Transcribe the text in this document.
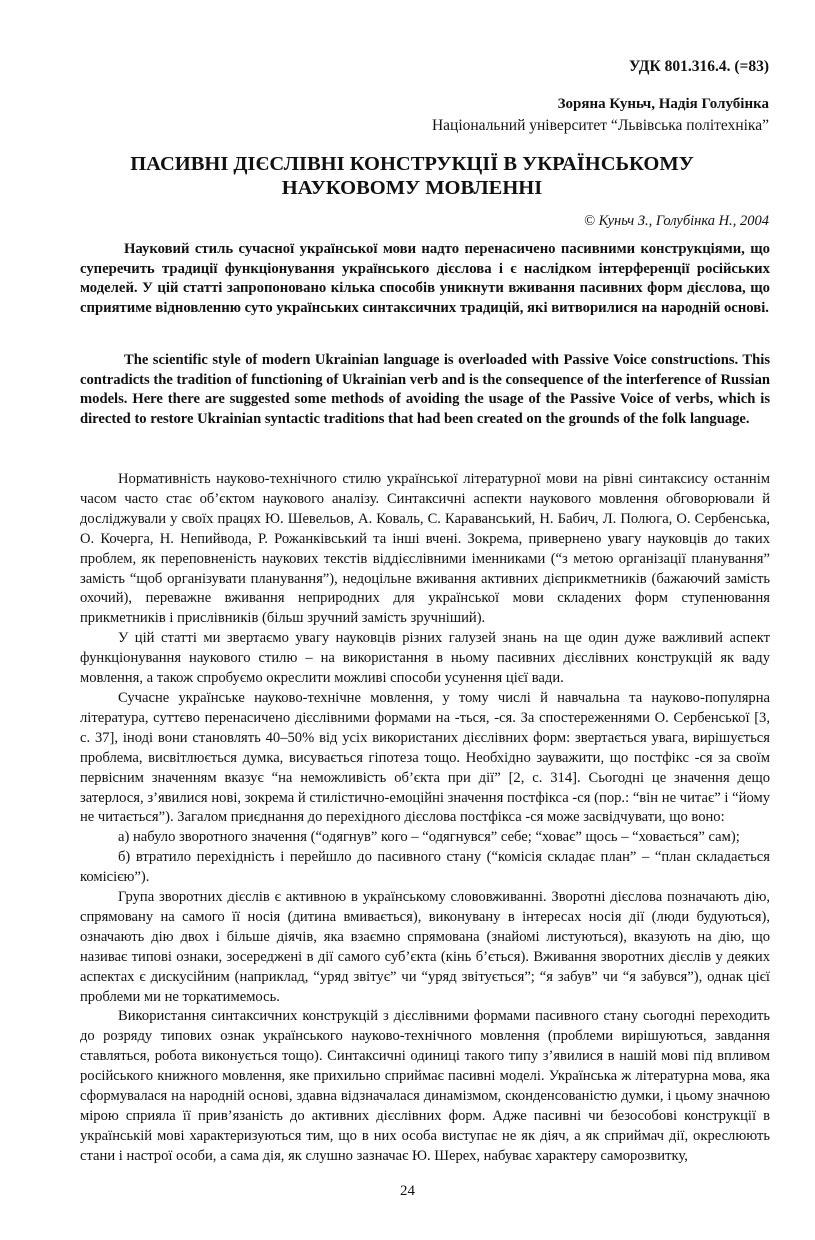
УДК 801.316.4. (=83)
Зоряна Куньч, Надія Голубінка
Національний університет “Львівська політехніка”
ПАСИВНІ ДІЄСЛІВНІ КОНСТРУКЦІЇ В УКРАЇНСЬКОМУ НАУКОВОМУ МОВЛЕННІ
© Куньч З., Голубінка Н., 2004

Науковий стиль сучасної української мови надто перенасичено пасивними конструкціями, що суперечить традиції функціонування українського дієслова і є наслідком інтерференції російських моделей. У цій статті запропоновано кілька способів уникнути вживання пасивних форм дієслова, що сприятиме відновленню суто українських синтаксичних традицій, які витворилися на народній основі.

The scientific style of modern Ukrainian language is overloaded with Passive Voice constructions. This contradicts the tradition of functioning of Ukrainian verb and is the consequence of the interference of Russian models. Here there are suggested some methods of avoiding the usage of the Passive Voice of verbs, which is directed to restore Ukrainian syntactic traditions that had been created on the grounds of the folk language.

Нормативність науково-технічного стилю української літературної мови на рівні синтаксису останнім часом часто стає об’єктом наукового аналізу. Синтаксичні аспекти наукового мовлення обговорювали й досліджували у своїх працях Ю. Шевельов, А. Коваль, С. Караванський, Н. Бабич, Л. Полюга, О. Сербенська, О. Кочерга, Н. Непийвода, Р. Рожанківський та інші вчені. Зокрема, привернено увагу науковців до таких проблем, як переповненість наукових текстів віддієслівними іменниками (“з метою організації планування” замість “щоб організувати планування”), недоцільне вживання активних дієприкметників (бажаючий замість охочий), переважне вживання неприродних для української мови складених форм ступенювання прикметників і прислівників (більш зручний замість зручніший).

У цій статті ми звертаємо увагу науковців різних галузей знань на ще один дуже важливий аспект функціонування наукового стилю – на використання в ньому пасивних дієслівних конструкцій як ваду мовлення, а також спробуємо окреслити можливі способи усунення цієї вади.

Сучасне українське науково-технічне мовлення, у тому числі й навчальна та науково-популярна література, суттєво перенасичено дієслівними формами на -ться, -ся. За спостереженнями О. Сербенської [3, с. 37], іноді вони становлять 40–50% від усіх використаних дієслівних форм: звертається увага, вирішується проблема, висвітлюється думка, висувається гіпотеза тощо. Необхідно зауважити, що постфікс -ся за своїм первісним значенням вказує “на неможливість об’єкта при дії” [2, с. 314]. Сьогодні це значення дещо затерлося, з’явилися нові, зокрема й стилістично-емоційні значення постфікса -ся (пор.: “він не читає” і “йому не читається”). Загалом приєднання до перехідного дієслова постфікса -ся може засвідчувати, що воно:

а) набуло зворотного значення (“одягнув” кого – “одягнувся” себе; “ховає” щось – “ховається” сам);

б) втратило перехідність і перейшло до пасивного стану (“комісія складає план” – “план складається комісією”).

Група зворотних дієслів є активною в українському слововживанні. Зворотні дієслова позначають дію, спрямовану на самого її носія (дитина вмивається), виконувану в інтересах носія дії (люди будуються), означають дію двох і більше діячів, яка взаємно спрямована (знайомі листуються), вказують на дію, що називає типові ознаки, зосереджені в дії самого суб’єкта (кінь б’ється). Вживання зворотних дієслів у деяких аспектах є дискусійним (наприклад, “уряд звітує” чи “уряд звітується”; “я забув” чи “я забувся”), однак цієї проблеми ми не торкатимемось.

Використання синтаксичних конструкцій з дієслівними формами пасивного стану сьогодні переходить до розряду типових ознак українського науково-технічного мовлення (проблеми вирішуються, завдання ставляться, робота виконується тощо). Синтаксичні одиниці такого типу з’явилися в нашій мові під впливом російського книжного мовлення, яке прихильно сприймає пасивні моделі. Українська ж літературна мова, яка сформувалася на народній основі, здавна відзначалася динамізмом, сконденсованістю думки, і цьому значною мірою сприяла її прив’язаність до активних дієслівних форм. Адже пасивні чи безособові конструкції в українській мові характеризуються тим, що в них особа виступає не як діяч, а як сприймач дії, окреслюють стани і настрої особи, а сама дія, як слушно зазначає Ю. Шерех, набуває характеру саморозвитку,

24
